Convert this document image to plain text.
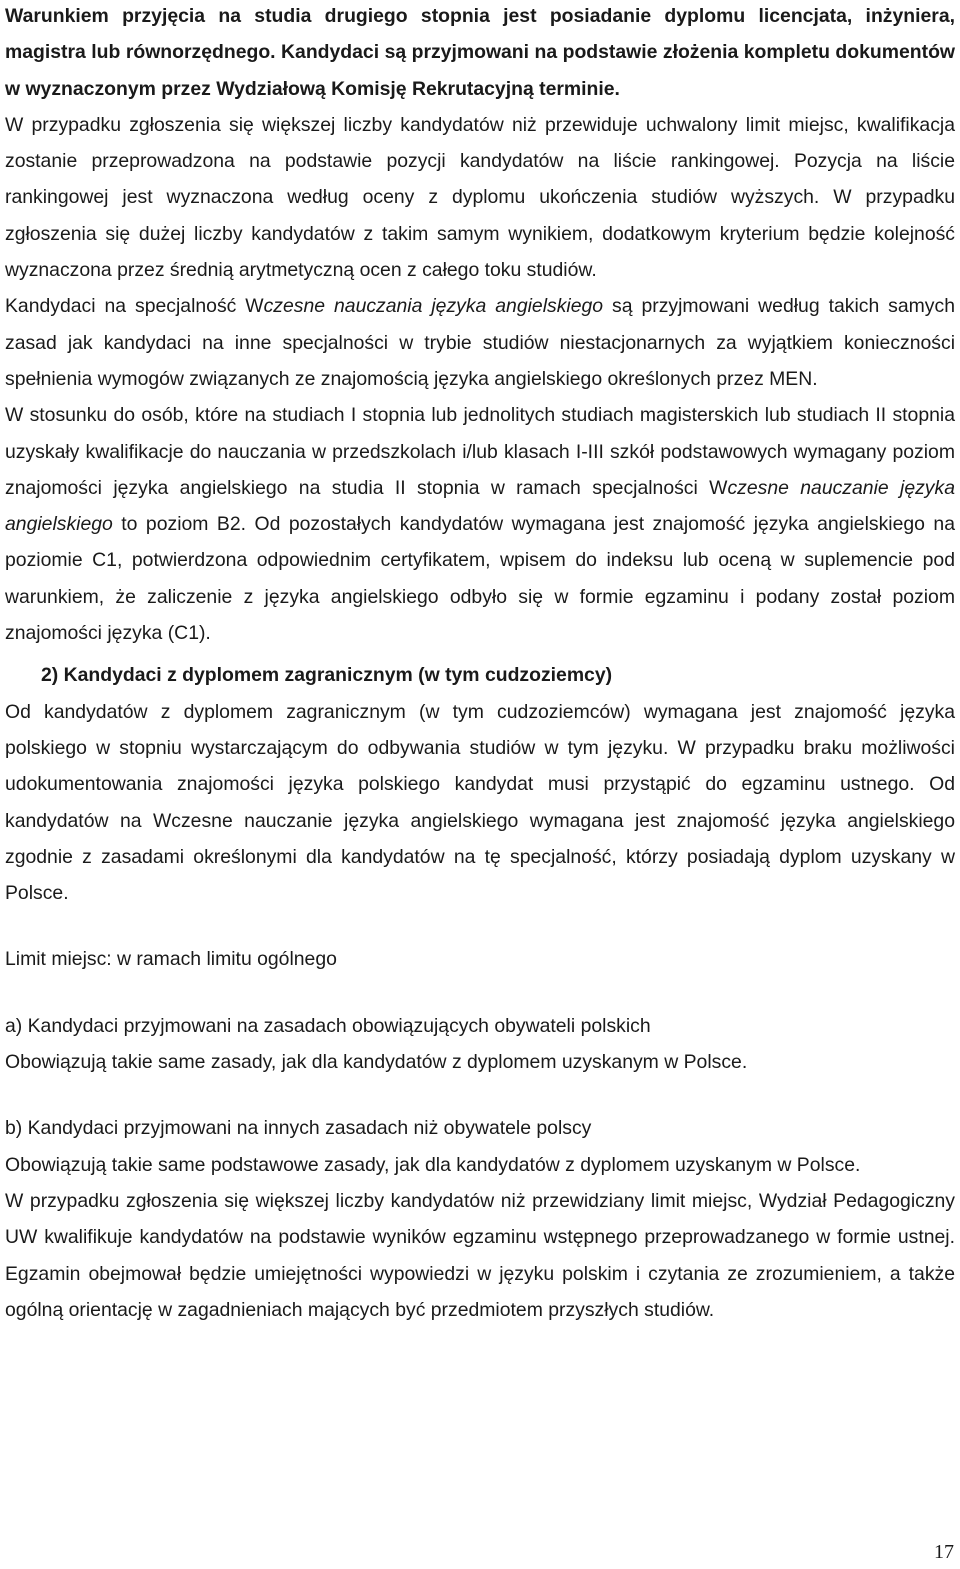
Warunkiem przyjęcia na studia drugiego stopnia jest posiadanie dyplomu licencjata, inżyniera, magistra lub równorzędnego. Kandydaci są przyjmowani na podstawie złożenia kompletu dokumentów w wyznaczonym przez Wydziałową Komisję Rekrutacyjną terminie.

W przypadku zgłoszenia się większej liczby kandydatów niż przewiduje uchwalony limit miejsc, kwalifikacja zostanie przeprowadzona na podstawie pozycji kandydatów na liście rankingowej. Pozycja na liście rankingowej jest wyznaczona według oceny z dyplomu ukończenia studiów wyższych. W przypadku zgłoszenia się dużej liczby kandydatów z takim samym wynikiem, dodatkowym kryterium będzie kolejność wyznaczona przez średnią arytmetyczną ocen z całego toku studiów.

Kandydaci na specjalność Wczesne nauczania języka angielskiego są przyjmowani według takich samych zasad jak kandydaci na inne specjalności w trybie studiów niestacjonarnych za wyjątkiem konieczności spełnienia wymogów związanych ze znajomością języka angielskiego określonych przez MEN.

W stosunku do osób, które na studiach I stopnia lub jednolitych studiach magisterskich lub studiach II stopnia uzyskały kwalifikacje do nauczania w przedszkolach i/lub klasach I-III szkół podstawowych wymagany poziom znajomości języka angielskiego na studia II stopnia w ramach specjalności Wczesne nauczanie języka angielskiego to poziom B2. Od pozostałych kandydatów wymagana jest znajomość języka angielskiego na poziomie C1, potwierdzona odpowiednim certyfikatem, wpisem do indeksu lub oceną w suplemencie pod warunkiem, że zaliczenie z języka angielskiego odbyło się w formie egzaminu i podany został poziom znajomości języka (C1).

2) Kandydaci z dyplomem zagranicznym (w tym cudzoziemcy)

Od kandydatów z dyplomem zagranicznym (w tym cudzoziemców) wymagana jest znajomość języka polskiego w stopniu wystarczającym do odbywania studiów w tym języku. W przypadku braku możliwości udokumentowania znajomości języka polskiego kandydat musi przystąpić do egzaminu ustnego. Od kandydatów na Wczesne nauczanie języka angielskiego wymagana jest znajomość języka angielskiego zgodnie z zasadami określonymi dla kandydatów na tę specjalność, którzy posiadają dyplom uzyskany w Polsce.

Limit miejsc: w ramach limitu ogólnego

a) Kandydaci przyjmowani na zasadach obowiązujących obywateli polskich

Obowiązują takie same zasady, jak dla kandydatów z dyplomem uzyskanym w Polsce.

b) Kandydaci przyjmowani na innych zasadach niż obywatele polscy

Obowiązują takie same podstawowe zasady, jak dla kandydatów z dyplomem uzyskanym w Polsce.

W przypadku zgłoszenia się większej liczby kandydatów niż przewidziany limit miejsc, Wydział Pedagogiczny UW kwalifikuje kandydatów na podstawie wyników egzaminu wstępnego przeprowadzanego w formie ustnej. Egzamin obejmował będzie umiejętności wypowiedzi w języku polskim i czytania ze zrozumieniem, a także ogólną orientację w zagadnieniach mających być przedmiotem przyszłych studiów.

17
